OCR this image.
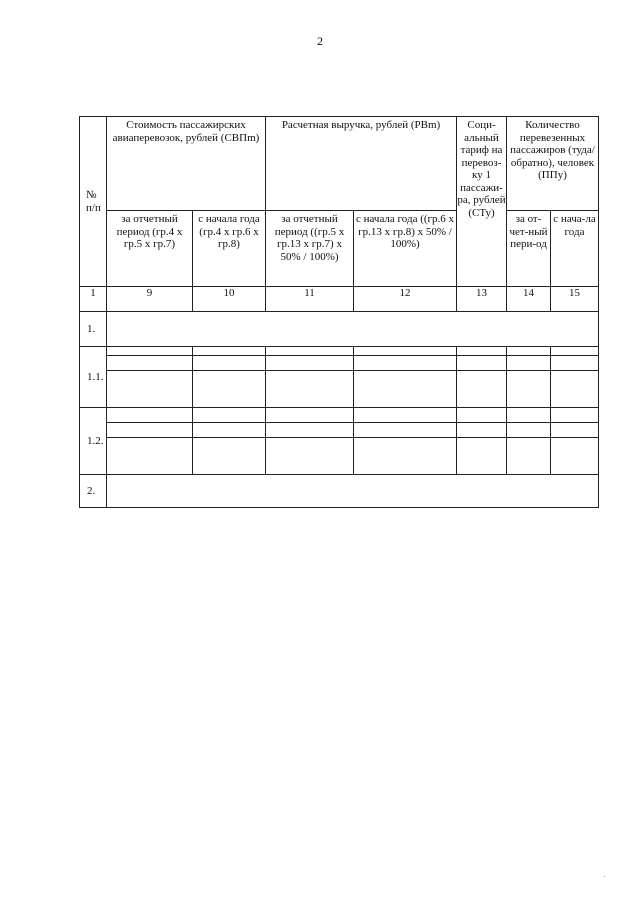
2
№ п/п	Стоимость пассажирских авиаперевозок, рублей (СВПm)		Расчетная выручка, рублей (PBm)		Соци-альный тариф на перевоз-ку 1 пассажи-ра, рублей (СТу)	Количество перевезенных пассажиров (туда/обратно), человек (ППу)	
	за отчетный период (гр.4 х гр.5 х гр.7)	с начала года (гр.4 х гр.6 х гр.8)	за отчетный период ((гр.5 х гр.13 х гр.7) х 50% / 100%)	с начала года ((гр.6 х гр.13 х гр.8) х 50% / 100%)		за от-чет-ный пери-од	с нача-ла года
1	9	10	11	12	13	14	15
1.							
1.1.							

1.2.							

2.							
